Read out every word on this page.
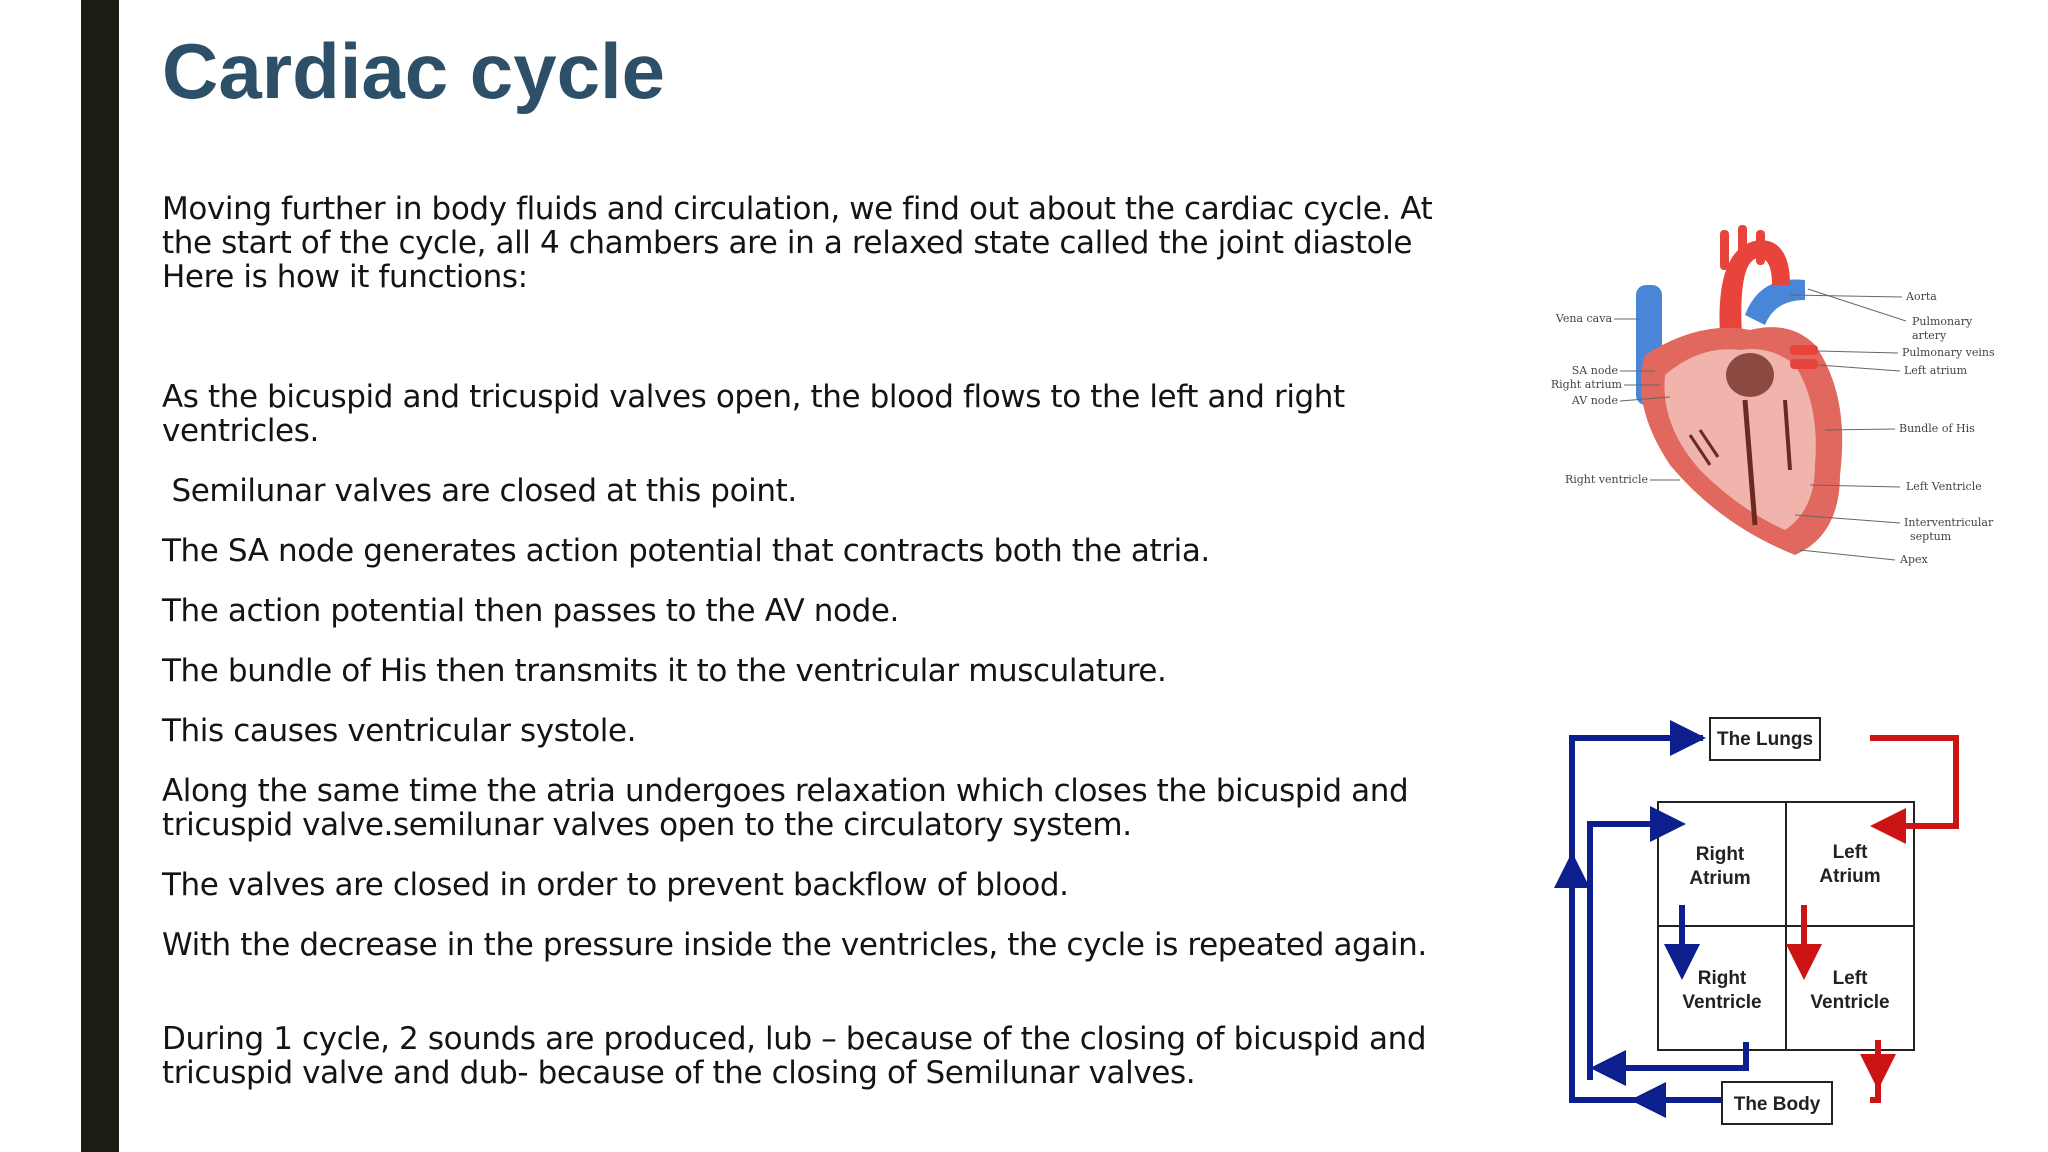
Cardiac cycle
Moving further in body fluids and circulation, we find out about the cardiac cycle. At
the start of the cycle, all 4 chambers are in a relaxed state called the joint diastole
Here is how it functions:
As the bicuspid and tricuspid valves open, the blood flows to the left and right
ventricles.
Semilunar valves are closed at this point.
The SA node generates action potential that contracts both the atria.
The action potential then passes to the AV node.
The bundle of His then transmits it to the ventricular musculature.
This causes ventricular systole.
Along the same time the atria undergoes relaxation which closes the bicuspid and
tricuspid valve.semilunar valves open to the circulatory system.
The valves are closed in order to prevent backflow of blood.
With the decrease in the pressure inside the ventricles, the cycle is repeated again.
During 1 cycle, 2 sounds are produced, lub – because of the closing of bicuspid and
tricuspid valve and dub- because of the closing of Semilunar valves.
Vena cava
SA node
Right atrium
AV node
Right ventricle
Aorta
Pulmonary
artery
Pulmonary veins
Left atrium
Bundle of His
Left Ventricle
Interventricular
septum
Apex
The Lungs
The Body
Right
Atrium
Left
Atrium
Right
Ventricle
Left
Ventricle
